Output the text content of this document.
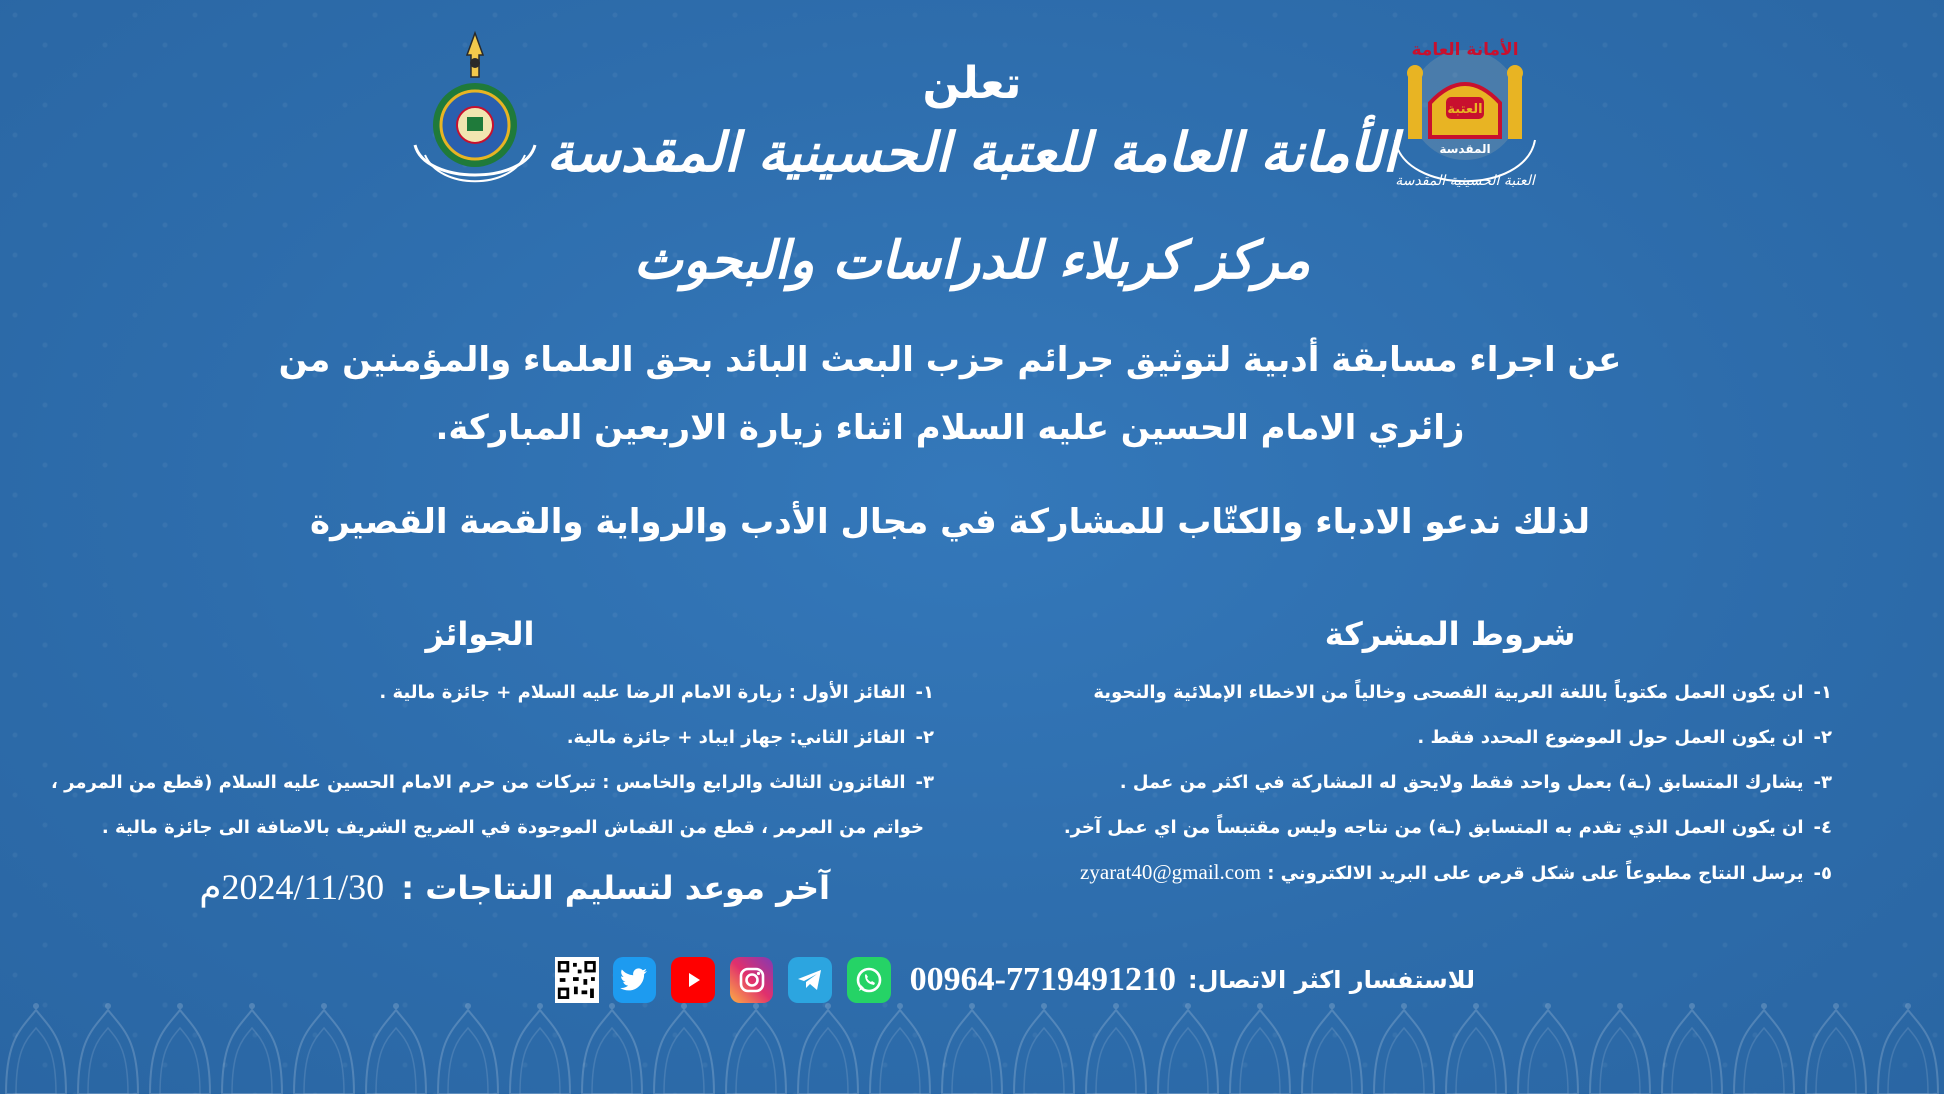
الأمانة العامة
العتبة
المقدسة
العتبة الحسينية المقدسة
تعلن
الأمانة العامة للعتبة الحسينية المقدسة
مركز كربلاء للدراسات والبحوث
عن اجراء مسابقة أدبية لتوثيق جرائم حزب البعث البائد بحق العلماء والمؤمنين من
زائري الامام الحسين عليه السلام اثناء زيارة الاربعين المباركة.
لذلك ندعو الادباء والكتّاب للمشاركة في مجال الأدب والرواية والقصة القصيرة
شروط المشركة
١-ان يكون العمل مكتوباً باللغة العربية الفصحى وخالياً من الاخطاء الإملائية والنحوية
٢-ان يكون العمل حول الموضوع المحدد فقط .
٣-يشارك المتسابق (ـة) بعمل واحد فقط ولايحق له المشاركة في اكثر من عمل .
٤-ان يكون العمل الذي تقدم به المتسابق (ـة) من نتاجه وليس مقتبساً من اي عمل آخر.
٥-يرسل النتاج مطبوعاً على شكل قرص على البريد الالكتروني : zyarat40@gmail.com
الجوائز
١-الفائز الأول : زيارة الامام الرضا عليه السلام + جائزة مالية .
٢-الفائز الثاني: جهاز ايباد + جائزة مالية.
٣-الفائزون الثالث والرابع والخامس : تبركات من حرم الامام الحسين عليه السلام (قطع من المرمر ،
خواتم من المرمر ، قطع من القماش الموجودة في الضريح الشريف بالاضافة الى جائزة مالية .
آخر موعد لتسليم النتاجات : 2024/11/30م
00964-7719491210 للاستفسار اكثر الاتصال:
